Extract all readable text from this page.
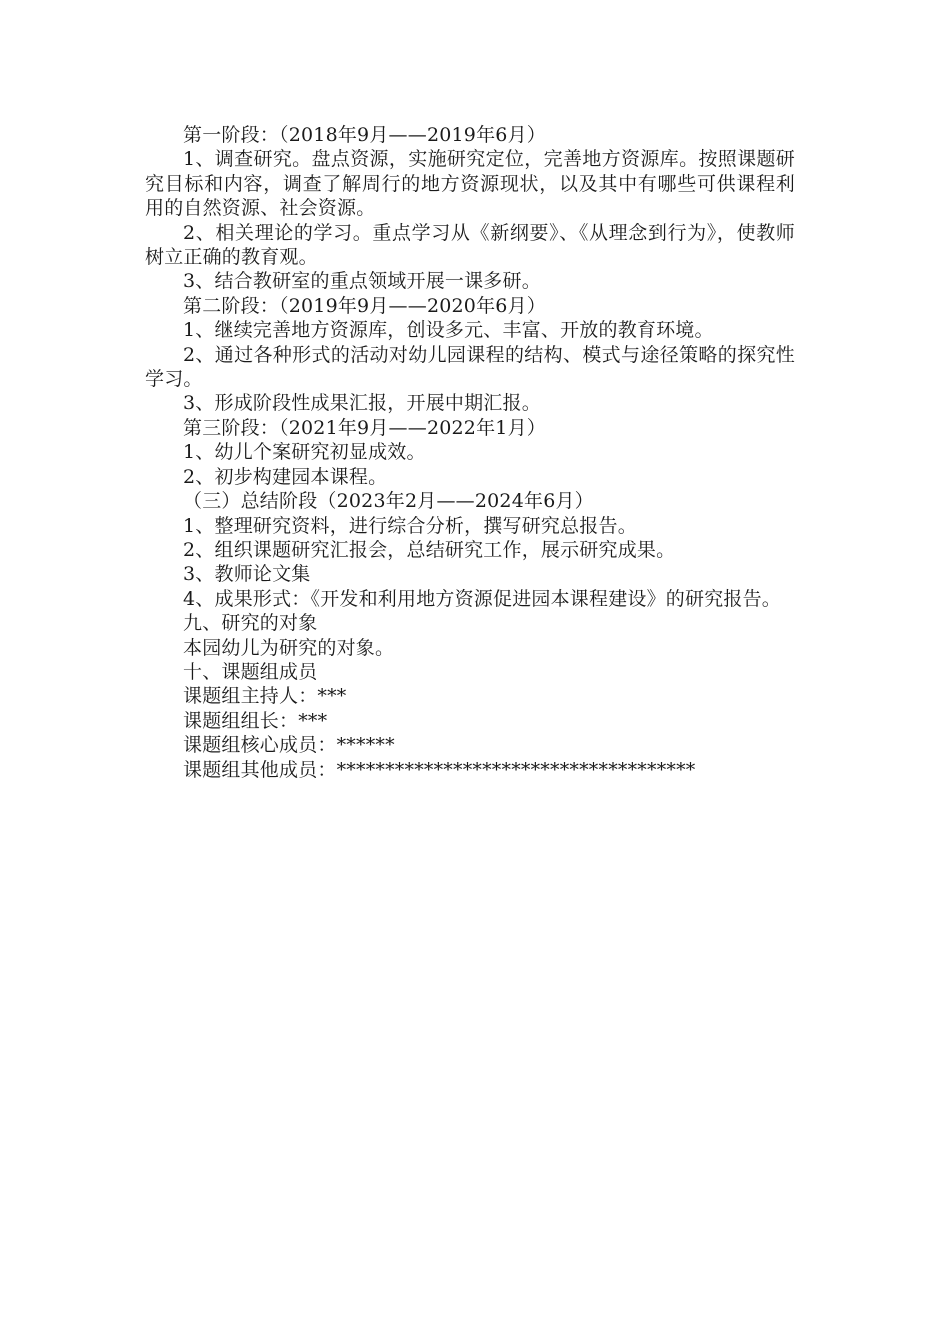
第一阶段：（2018年9月——2019年6月）

1、调查研究。盘点资源，实施研究定位，完善地方资源库。按照课题研究目标和内容，调查了解周行的地方资源现状，以及其中有哪些可供课程利用的自然资源、社会资源。

2、相关理论的学习。重点学习从《新纲要》、《从理念到行为》，使教师树立正确的教育观。

3、结合教研室的重点领域开展一课多研。

第二阶段：（2019年9月——2020年6月）

1、继续完善地方资源库，创设多元、丰富、开放的教育环境。

2、通过各种形式的活动对幼儿园课程的结构、模式与途径策略的探究性学习。

3、形成阶段性成果汇报，开展中期汇报。

第三阶段：（2021年9月——2022年1月）

1、幼儿个案研究初显成效。

2、初步构建园本课程。

（三）总结阶段（2023年2月——2024年6月）

1、整理研究资料，进行综合分析，撰写研究总报告。

2、组织课题研究汇报会，总结研究工作，展示研究成果。

3、教师论文集

4、成果形式：《开发和利用地方资源促进园本课程建设》的研究报告。

九、研究的对象

本园幼儿为研究的对象。

十、课题组成员

课题组主持人：***

课题组组长：***

课题组核心成员：******

课题组其他成员：*************************************
